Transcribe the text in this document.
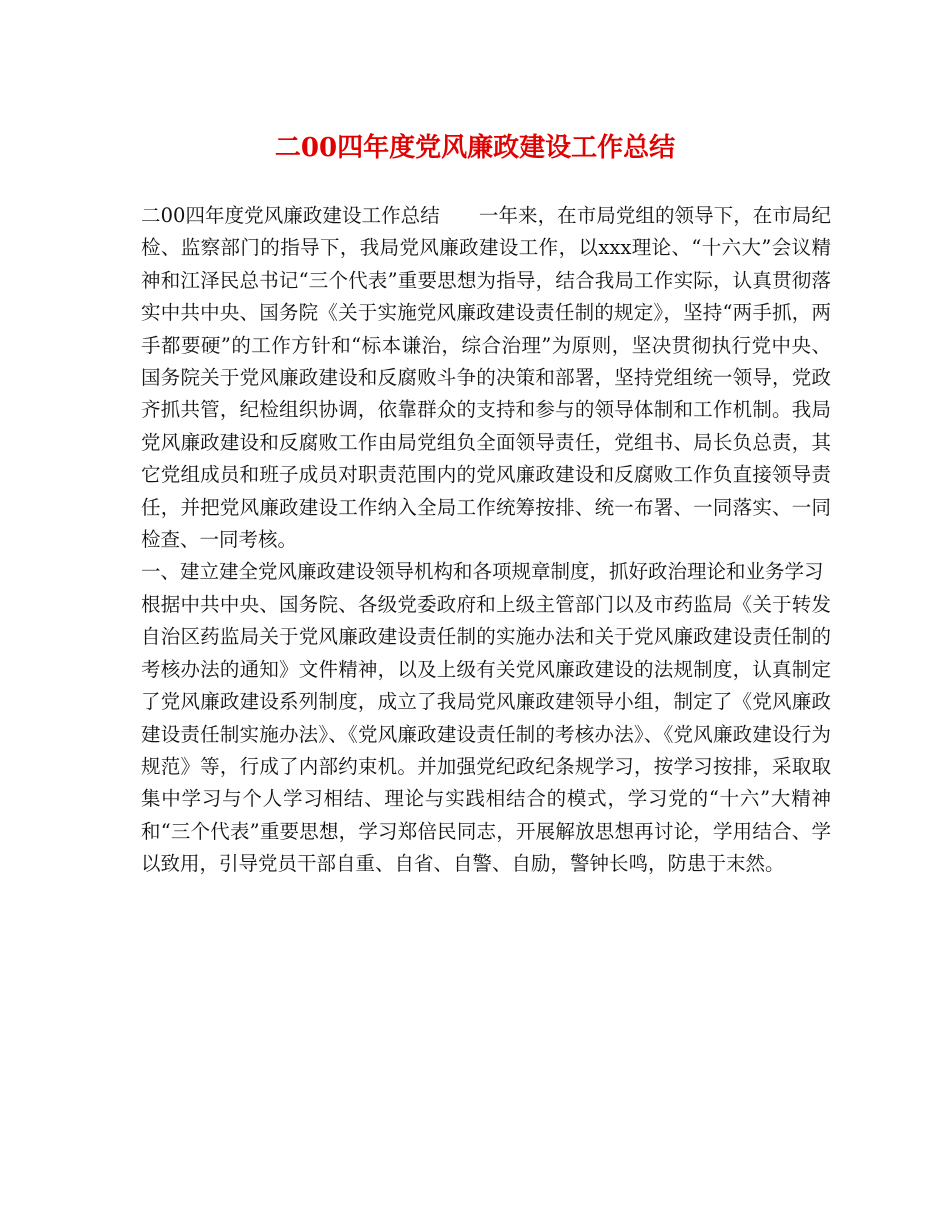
二00四年度党风廉政建设工作总结

二00四年度党风廉政建设工作总结　　一年来，在市局党组的领导下，在市局纪检、监察部门的指导下，我局党风廉政建设工作，以xxx理论、“十六大”会议精神和江泽民总书记“三个代表”重要思想为指导，结合我局工作实际，认真贯彻落实中共中央、国务院《关于实施党风廉政建设责任制的规定》，坚持“两手抓，两手都要硬”的工作方针和“标本谦治，综合治理”为原则，坚决贯彻执行党中央、国务院关于党风廉政建设和反腐败斗争的决策和部署，坚持党组统一领导，党政齐抓共管，纪检组织协调，依靠群众的支持和参与的领导体制和工作机制。我局党风廉政建设和反腐败工作由局党组负全面领导责任，党组书、局长负总责，其它党组成员和班子成员对职责范围内的党风廉政建设和反腐败工作负直接领导责任，并把党风廉政建设工作纳入全局工作统筹按排、统一布署、一同落实、一同检查、一同考核。

一、建立建全党风廉政建设领导机构和各项规章制度，抓好政治理论和业务学习

根据中共中央、国务院、各级党委政府和上级主管部门以及市药监局《关于转发自治区药监局关于党风廉政建设责任制的实施办法和关于党风廉政建设责任制的考核办法的通知》文件精神，以及上级有关党风廉政建设的法规制度，认真制定了党风廉政建设系列制度，成立了我局党风廉政建领导小组，制定了《党风廉政建设责任制实施办法》、《党风廉政建设责任制的考核办法》、《党风廉政建设行为规范》等，行成了内部约束机。并加强党纪政纪条规学习，按学习按排，采取取集中学习与个人学习相结、理论与实践相结合的模式，学习党的“十六”大精神和“三个代表”重要思想，学习郑倍民同志，开展解放思想再讨论，学用结合、学以致用，引导党员干部自重、自省、自警、自励，警钟长鸣，防患于末然。
